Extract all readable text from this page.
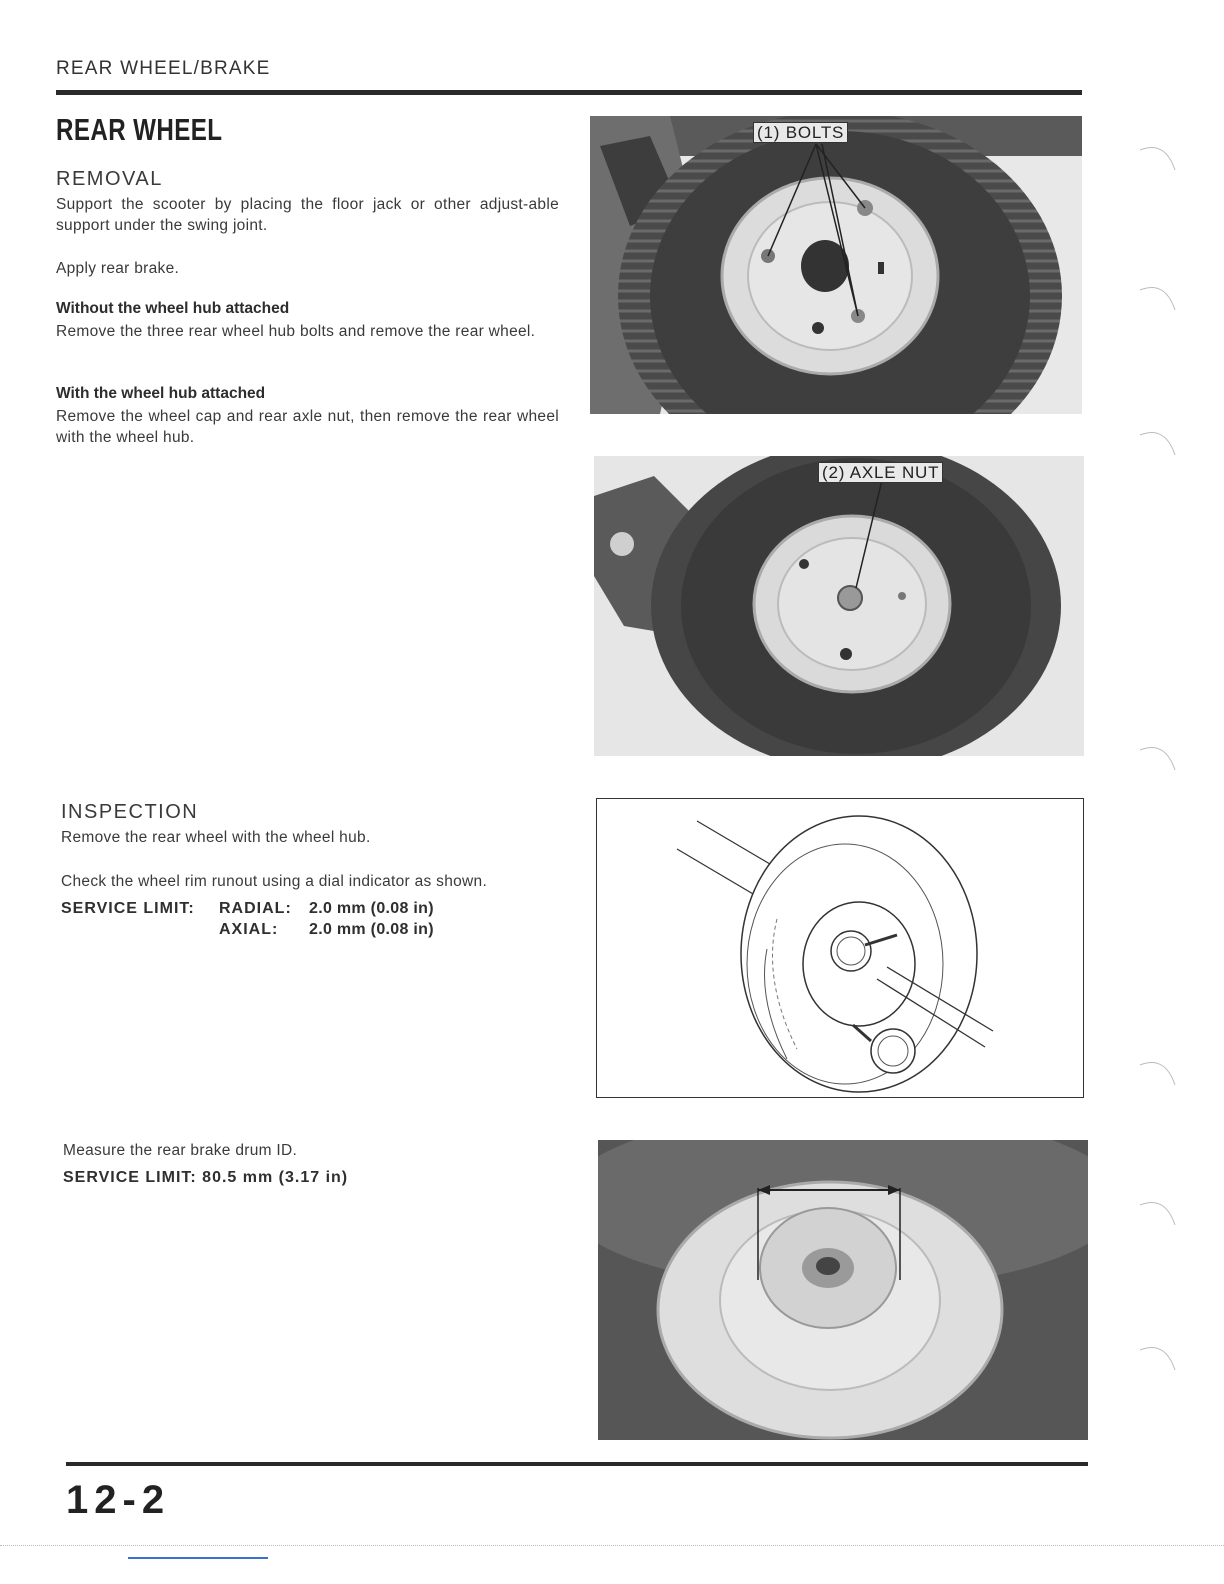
REAR WHEEL/BRAKE
REAR WHEEL
REMOVAL
Support the scooter by placing the floor jack or other adjust-able support under the swing joint.
Apply rear brake.
Without the wheel hub attached
Remove the three rear wheel hub bolts and remove the rear wheel.
With the wheel hub attached
Remove the wheel cap and rear axle nut, then remove the rear wheel with the wheel hub.
INSPECTION
Remove the rear wheel with the wheel hub.
Check the wheel rim runout using a dial indicator as shown.
SERVICE LIMIT: RADIAL: 2.0 mm (0.08 in)
AXIAL: 2.0 mm (0.08 in)
Measure the rear brake drum ID.
SERVICE LIMIT: 80.5 mm (3.17 in)
(1) BOLTS
(2) AXLE NUT
12-2
